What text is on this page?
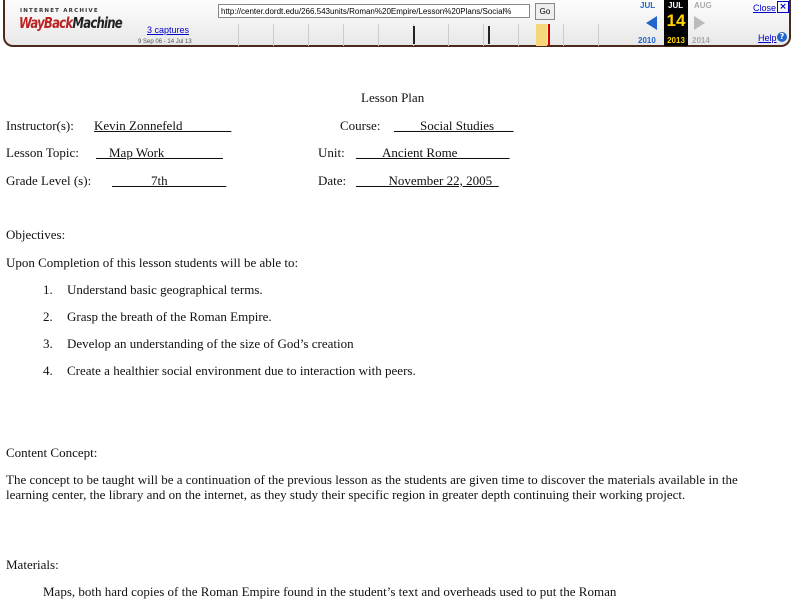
INTERNET ARCHIVE
WayBackMachine	3 captures
9 Sep 06 - 14 Jul 13
http://center.dordt.edu/266.543units/Roman%20Empire/Lesson%20Plans/Social%
Go
JUL
2010
JUL
14
2013
AUG
2014
Close ×
Help ?
Lesson Plan
Instructor(s): Kevin Zonnefeld _______	Course: ____Social Studies___
Lesson Topic: __Map Work_________	Unit: ____Ancient Rome________
Grade Level (s): ______7th_________	Date: _____November 22, 2005_
Objectives:
Upon Completion of this lesson students will be able to:
1. Understand basic geographical terms.
2. Grasp the breath of the Roman Empire.
3. Develop an understanding of the size of God’s creation
4. Create a healthier social environment due to interaction with peers.
Content Concept:
The concept to be taught will be a continuation of the previous lesson as the students are given time to discover the materials available in the learning center, the library and on the internet, as they study their specific region in greater depth continuing their working project.
Materials:
Maps, both hard copies of the Roman Empire found in the student’s text and overheads used to put the Roman
